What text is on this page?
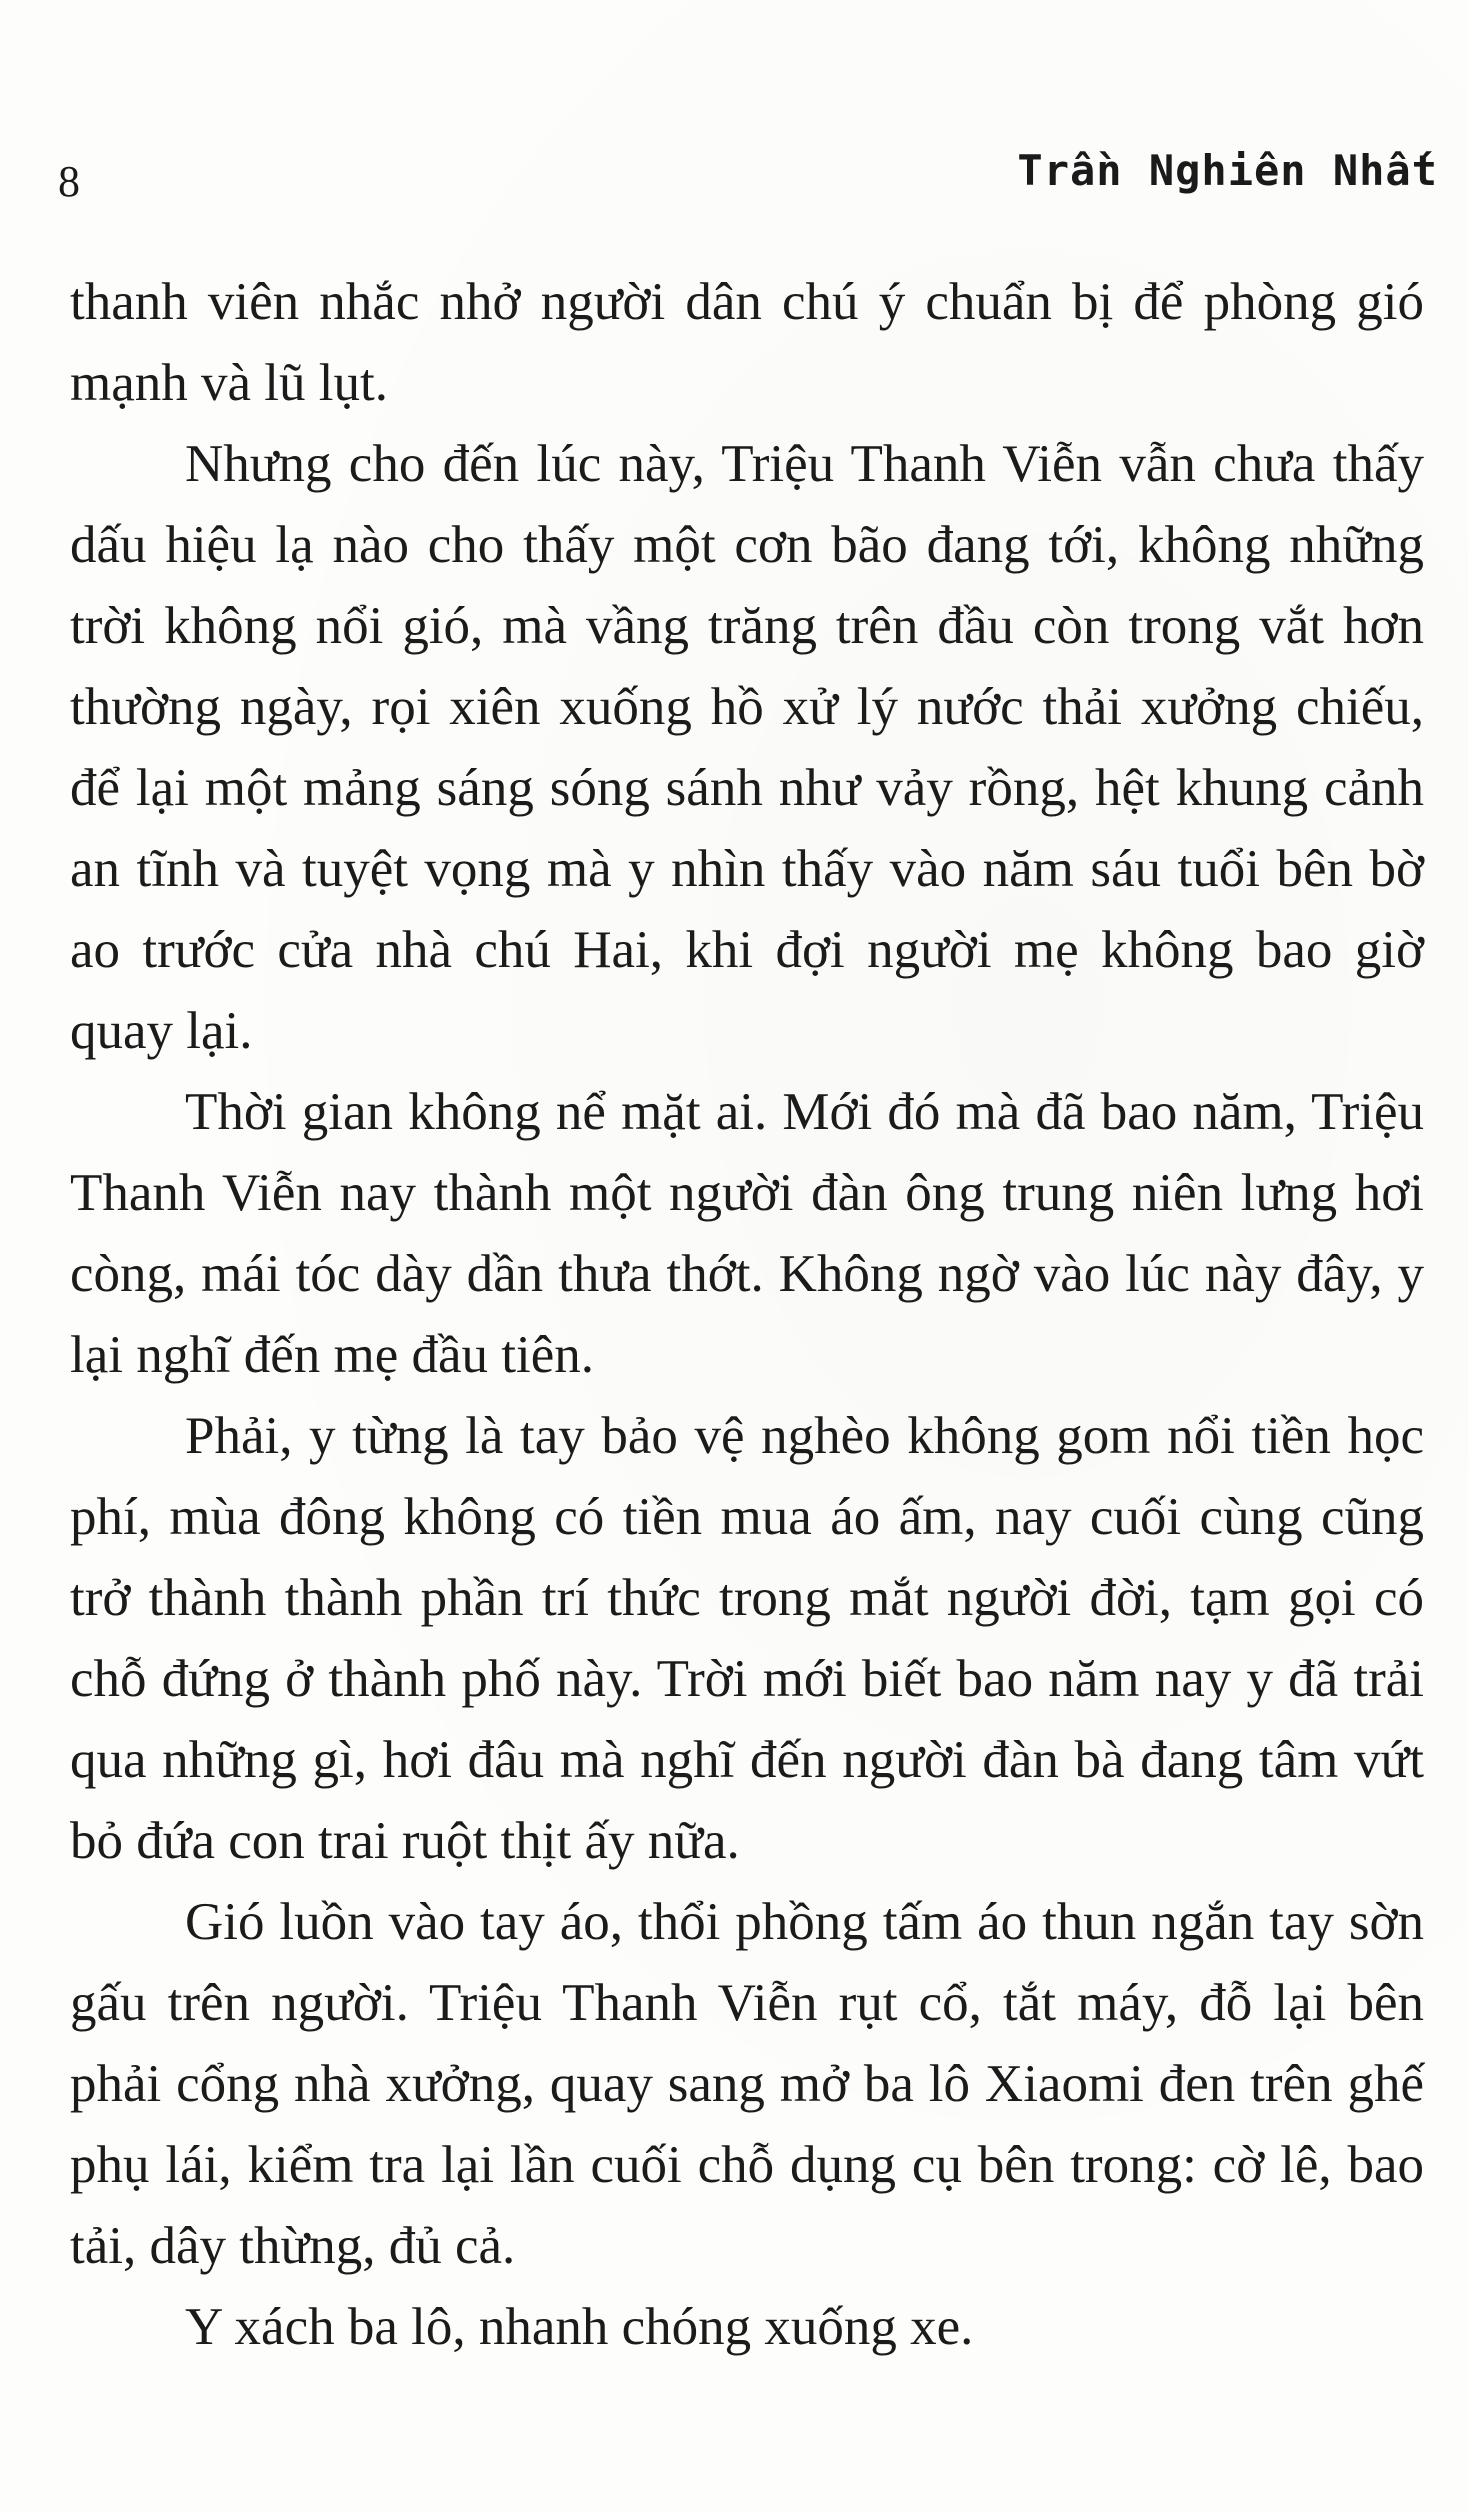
8	Trần Nghiên Nhất

thanh viên nhắc nhở người dân chú ý chuẩn bị để phòng gió mạnh và lũ lụt.

Nhưng cho đến lúc này, Triệu Thanh Viễn vẫn chưa thấy dấu hiệu lạ nào cho thấy một cơn bão đang tới, không những trời không nổi gió, mà vầng trăng trên đầu còn trong vắt hơn thường ngày, rọi xiên xuống hồ xử lý nước thải xưởng chiếu, để lại một mảng sáng sóng sánh như vảy rồng, hệt khung cảnh an tĩnh và tuyệt vọng mà y nhìn thấy vào năm sáu tuổi bên bờ ao trước cửa nhà chú Hai, khi đợi người mẹ không bao giờ quay lại.

Thời gian không nể mặt ai. Mới đó mà đã bao năm, Triệu Thanh Viễn nay thành một người đàn ông trung niên lưng hơi còng, mái tóc dày dần thưa thớt. Không ngờ vào lúc này đây, y lại nghĩ đến mẹ đầu tiên.

Phải, y từng là tay bảo vệ nghèo không gom nổi tiền học phí, mùa đông không có tiền mua áo ấm, nay cuối cùng cũng trở thành thành phần trí thức trong mắt người đời, tạm gọi có chỗ đứng ở thành phố này. Trời mới biết bao năm nay y đã trải qua những gì, hơi đâu mà nghĩ đến người đàn bà đang tâm vứt bỏ đứa con trai ruột thịt ấy nữa.

Gió luồn vào tay áo, thổi phồng tấm áo thun ngắn tay sờn gấu trên người. Triệu Thanh Viễn rụt cổ, tắt máy, đỗ lại bên phải cổng nhà xưởng, quay sang mở ba lô Xiaomi đen trên ghế phụ lái, kiểm tra lại lần cuối chỗ dụng cụ bên trong: cờ lê, bao tải, dây thừng, đủ cả.

Y xách ba lô, nhanh chóng xuống xe.
